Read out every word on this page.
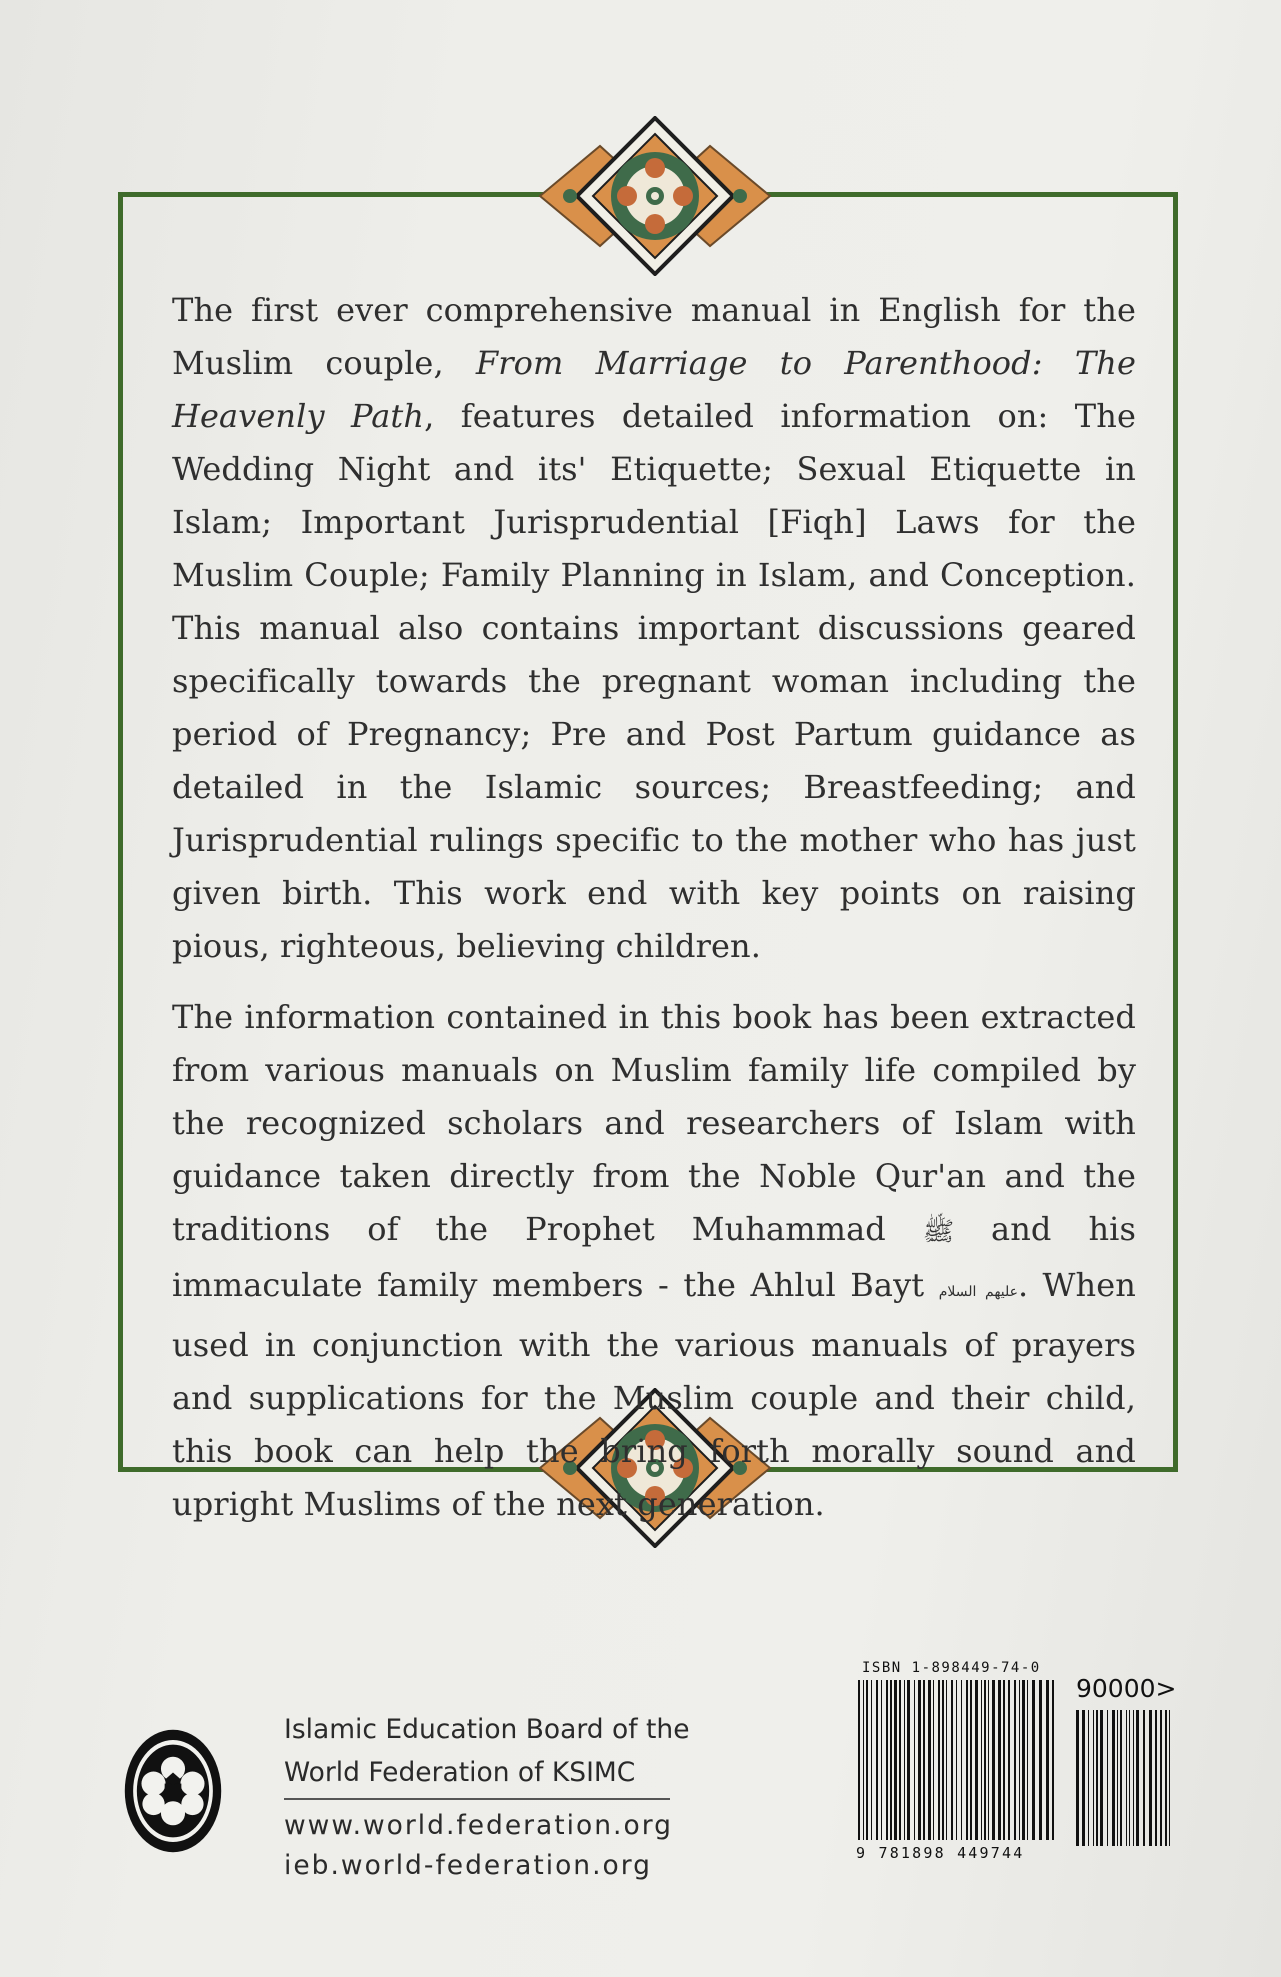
The first ever comprehensive manual in English for the Muslim couple, From Marriage to Parenthood: The Heavenly Path, features detailed information on: The Wedding Night and its' Etiquette; Sexual Etiquette in Islam; Important Jurisprudential [Fiqh] Laws for the Muslim Couple; Family Planning in Islam, and Conception. This manual also contains important discussions geared specifically towards the pregnant woman including the period of Pregnancy; Pre and Post Partum guidance as detailed in the Islamic sources; Breastfeeding; and Jurisprudential rulings specific to the mother who has just given birth. This work end with key points on raising pious, righteous, believing children.

The information contained in this book has been extracted from various manuals on Muslim family life compiled by the recognized scholars and researchers of Islam with guidance taken directly from the Noble Qur'an and the traditions of the Prophet Muhammad ﷺ and his immaculate family members - the Ahlul Bayt عليهم السلام. When used in conjunction with the various manuals of prayers and supplications for the Muslim couple and their child, this book can help the bring forth morally sound and upright Muslims of the next generation.

Islamic Education Board of the
World Federation of KSIMC
www.world.federation.org
ieb.world-federation.org
ISBN 1-898449-74-0
90000>
9 781898 449744
